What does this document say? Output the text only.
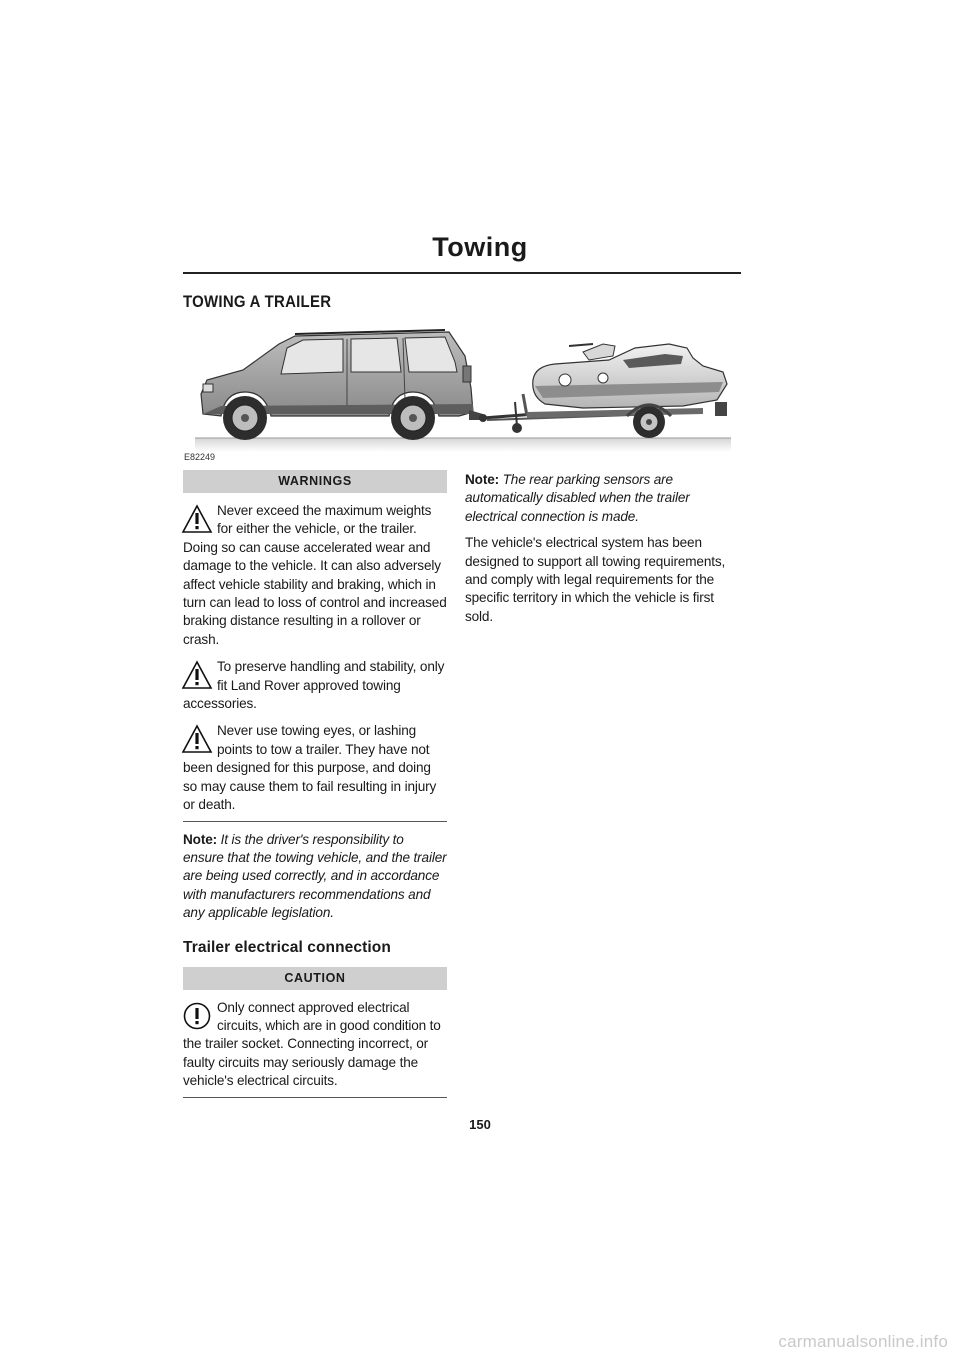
Towing
TOWING A TRAILER
E82249
WARNINGS
Never exceed the maximum weights for either the vehicle, or the trailer. Doing so can cause accelerated wear and damage to the vehicle. It can also adversely affect vehicle stability and braking, which in turn can lead to loss of control and increased braking distance resulting in a rollover or crash.
To preserve handling and stability, only fit Land Rover approved towing accessories.
Never use towing eyes, or lashing points to tow a trailer. They have not been designed for this purpose, and doing so may cause them to fail resulting in injury or death.
Note: It is the driver's responsibility to ensure that the towing vehicle, and the trailer are being used correctly, and in accordance with manufacturers recommendations and any applicable legislation.
Trailer electrical connection
CAUTION
Only connect approved electrical circuits, which are in good condition to the trailer socket. Connecting incorrect, or faulty circuits may seriously damage the vehicle's electrical circuits.
Note: The rear parking sensors are automatically disabled when the trailer electrical connection is made.
The vehicle's electrical system has been designed to support all towing requirements, and comply with legal requirements for the specific territory in which the vehicle is first sold.
150
carmanualsonline.info
